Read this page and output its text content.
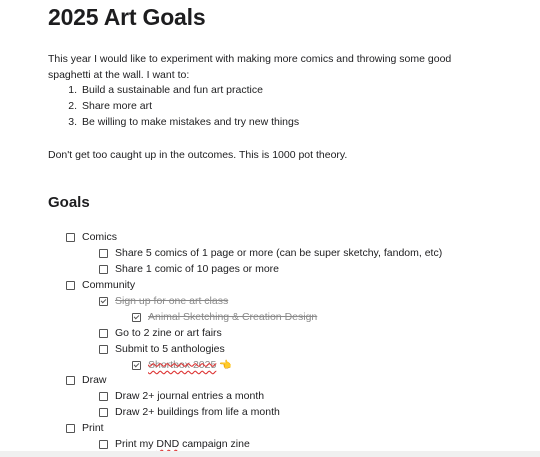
2025 Art Goals

This year I would like to experiment with making more comics and throwing some good spaghetti at the wall. I want to:

1. Build a sustainable and fun art practice
2. Share more art
3. Be willing to make mistakes and try new things

Don't get too caught up in the outcomes. This is 1000 pot theory.

Goals
Comics
Share 5 comics of 1 page or more (can be super sketchy, fandom, etc)
Share 1 comic of 10 pages or more
Community
Sign up for one art class
Animal Sketching & Creation Design
Go to 2 zine or art fairs
Submit to 5 anthologies
Shortbox 2025 👈
Draw
Draw 2+ journal entries a month
Draw 2+ buildings from life a month
Print
Print my DND campaign zine
